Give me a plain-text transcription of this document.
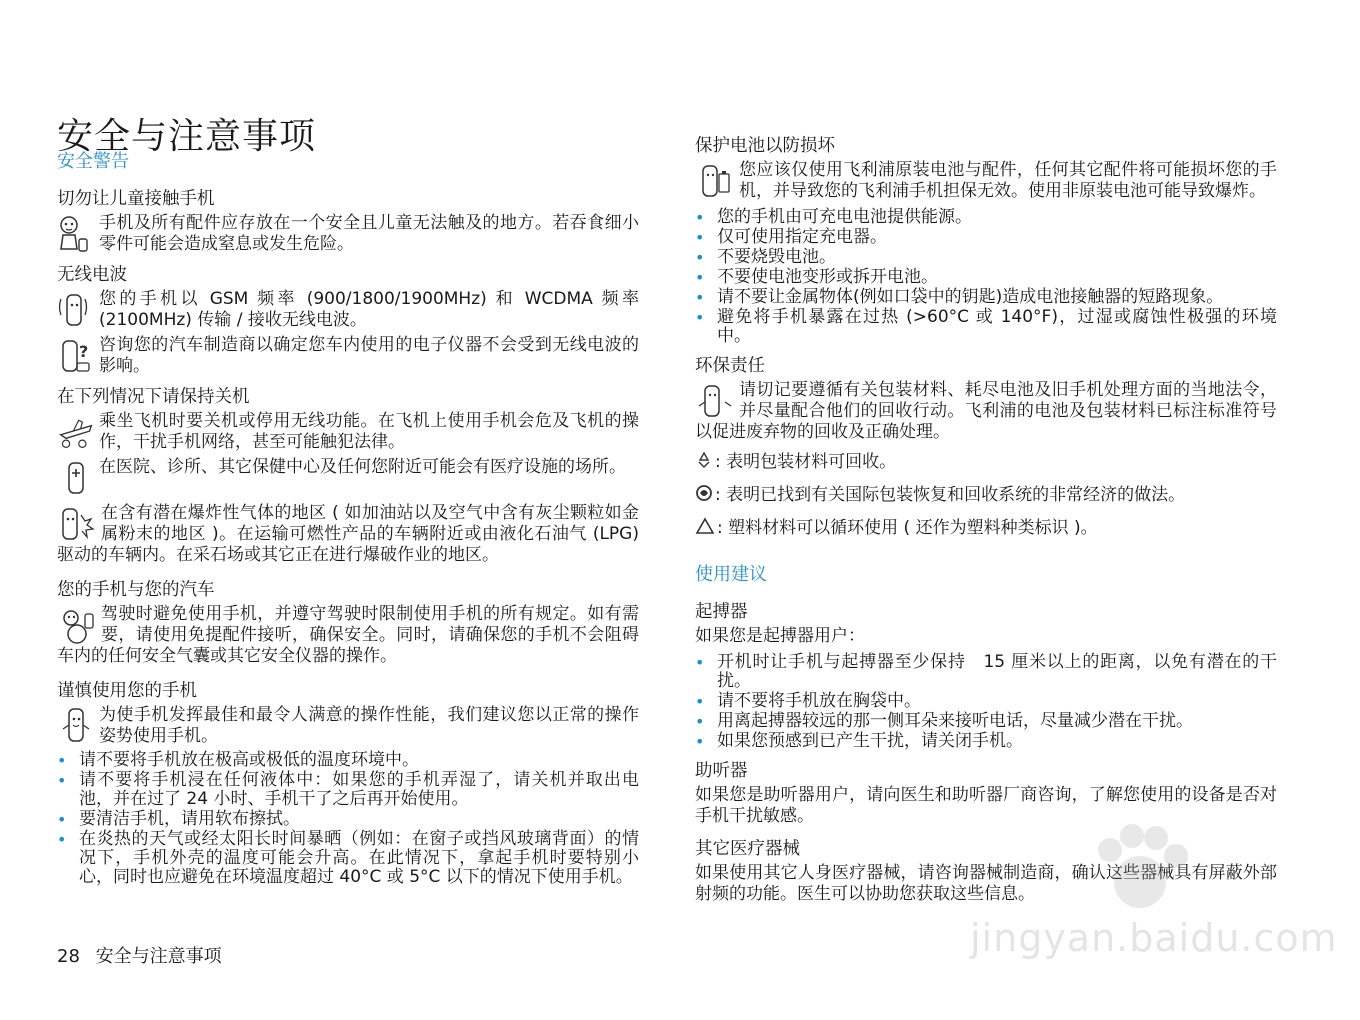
安全与注意事项
安全警告
切勿让儿童接触手机

手机及所有配件应存放在一个安全且儿童无法触及的地方。若吞食细小零件可能会造成窒息或发生危险。

无线电波

您的手机以 GSM 频率 (900/1800/1900MHz) 和 WCDMA 频率 (2100MHz) 传输 / 接收无线电波。

? 咨询您的汽车制造商以确定您车内使用的电子仪器不会受到无线电波的影响。

在下列情况下请保持关机

乘坐飞机时要关机或停用无线功能。在飞机上使用手机会危及飞机的操作，干扰手机网络，甚至可能触犯法律。

在医院、诊所、其它保健中心及任何您附近可能会有医疗设施的场所。

在含有潜在爆炸性气体的地区 ( 如加油站以及空气中含有灰尘颗粒如金属粉末的地区 )。在运输可燃性产品的车辆附近或由液化石油气 (LPG) 驱动的车辆内。在采石场或其它正在进行爆破作业的地区。

您的手机与您的汽车

驾驶时避免使用手机，并遵守驾驶时限制使用手机的所有规定。如有需要，请使用免提配件接听，确保安全。同时，请确保您的手机不会阻碍车内的任何安全气囊或其它安全仪器的操作。

谨慎使用您的手机

为使手机发挥最佳和最令人满意的操作性能，我们建议您以正常的操作姿势使用手机。

• 请不要将手机放在极高或极低的温度环境中。
• 请不要将手机浸在任何液体中：如果您的手机弄湿了，请关机并取出电池，并在过了 24 小时、手机干了之后再开始使用。
• 要清洁手机，请用软布擦拭。
• 在炎热的天气或经太阳长时间暴晒（例如：在窗子或挡风玻璃背面）的情况下，手机外壳的温度可能会升高。在此情况下，拿起手机时要特别小心，同时也应避免在环境温度超过 40°C 或 5°C 以下的情况下使用手机。
保护电池以防损坏

您应该仅使用飞利浦原装电池与配件，任何其它配件将可能损坏您的手机，并导致您的飞利浦手机担保无效。使用非原装电池可能导致爆炸。

• 您的手机由可充电电池提供能源。
• 仅可使用指定充电器。
• 不要烧毁电池。
• 不要使电池变形或拆开电池。
• 请不要让金属物体(例如口袋中的钥匙)造成电池接触器的短路现象。
• 避免将手机暴露在过热 (>60°C 或 140°F)，过湿或腐蚀性极强的环境中。
环保责任

请切记要遵循有关包装材料、耗尽电池及旧手机处理方面的当地法令，并尽量配合他们的回收行动。飞利浦的电池及包装材料已标注标准符号以促进废弃物的回收及正确处理。

: 表明包装材料可回收。
: 表明已找到有关国际包装恢复和回收系统的非常经济的做法。
: 塑料材料可以循环使用 ( 还作为塑料种类标识 )。
使用建议
起搏器

如果您是起搏器用户：

• 开机时让手机与起搏器至少保持　15 厘米以上的距离，以免有潜在的干扰。
• 请不要将手机放在胸袋中。
• 用离起搏器较远的那一侧耳朵来接听电话，尽量减少潜在干扰。
• 如果您预感到已产生干扰，请关闭手机。
助听器

如果您是助听器用户，请向医生和助听器厂商咨询，了解您使用的设备是否对手机干扰敏感。

其它医疗器械

如果使用其它人身医疗器械，请咨询器械制造商，确认这些器械具有屏蔽外部射频的功能。医生可以协助您获取这些信息。

28 安全与注意事项	jingyan.baidu.com
